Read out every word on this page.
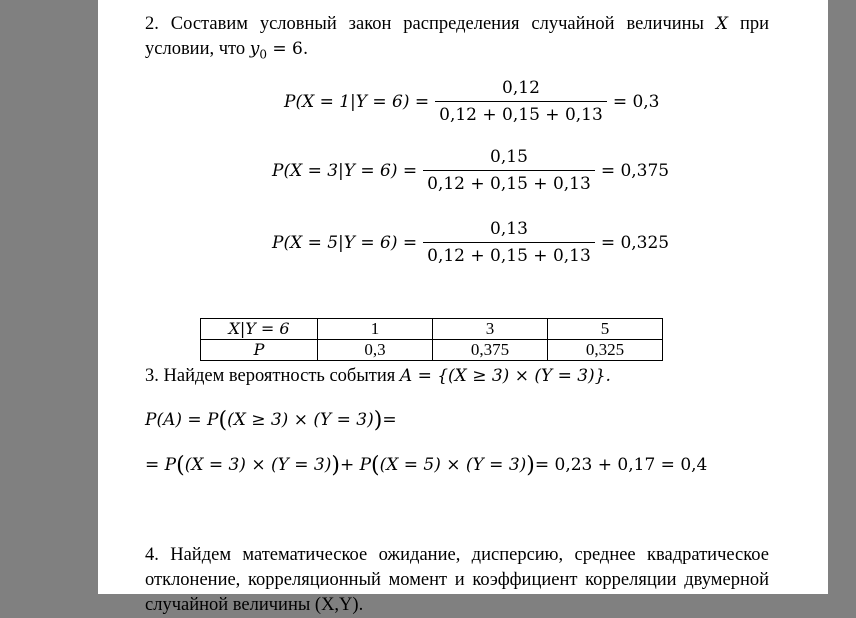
2. Составим условный закон распределения случайной величины X при
условии, что $y_0 = 6$.
$P(X = 1|Y = 6) = \frac{0,12}{0,12 + 0,15 + 0,13} = 0,3$
$P(X = 3|Y = 6) = \frac{0,15}{0,12 + 0,15 + 0,13} = 0,375$
$P(X = 5|Y = 6) = \frac{0,13}{0,12 + 0,15 + 0,13} = 0,325$
X|Y = 6	1	3	5
P	0,3	0,375	0,325
3. Найдем вероятность события A = {(X ≥ 3) × (Y = 3)}.
P(A) = P ( (X ≥ 3) × (Y = 3) ) =
= P ( (X = 3) × (Y = 3) ) + P ( (X = 5) × (Y = 3) ) = 0,23 + 0,17 = 0,4
4. Найдем математическое ожидание, дисперсию, среднее квадратическое
отклонение, корреляционный момент и коэффициент корреляции двумерной
случайной величины (X,Y).
